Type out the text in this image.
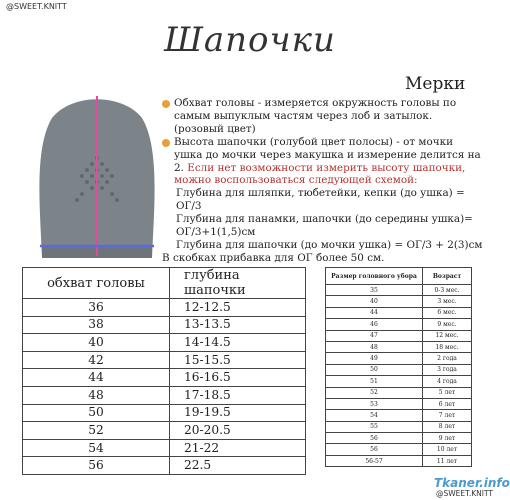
@SWEET.KNITT
Шапочки
Мерки

Обхват головы - измеряется окружность головы по самым выпуклым частям через лоб и затылок. (розовый цвет)

Высота шапочки (голубой цвет полосы) - от мочки ушка до мочки через макушка и измерение делится на 2. Если нет возможности измерить высоту шапочки, можно воспользоваться следующей схемой:

Глубина для шляпки, тюбетейки, кепки (до ушка) = ОГ/3

Глубина для панамки, шапочки (до середины ушка)= ОГ/3+1(1,5)см

Глубина для шапочки (до мочки ушка) = ОГ/3 + 2(3)см

В скобках прибавка для ОГ более 50 см.

обхват головы	глубина шапочки
36	12-12.5
38	13-13.5
40	14-14.5
42	15-15.5
44	16-16.5
48	17-18.5
50	19-19.5
52	20-20.5
54	21-22
56	22.5
Размер головного убора	Возраст
35	0-3 мес.
40	3 мес.
44	6 мес.
46	9 мес.
47	12 мес.
48	18 мес.
49	2 года
50	3 года
51	4 года
52	5 лет
53	6 лет
54	7 лет
55	8 лет
56	9 лет
56	10 лет
56-57	11 лет
Tkaner.info
@SWEET.KNITT
